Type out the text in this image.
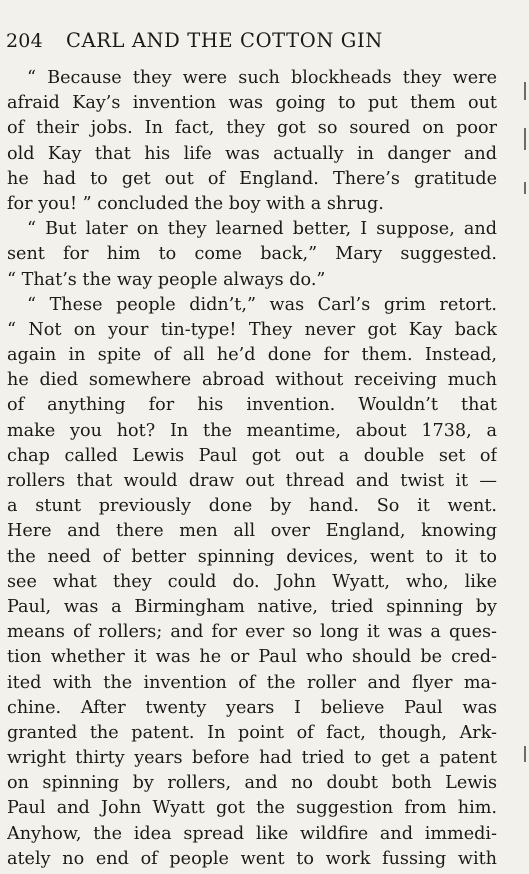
204 CARL AND THE COTTON GIN
“ Because they were such blockheads they were
afraid Kay’s invention was going to put them out
of their jobs. In fact, they got so soured on poor
old Kay that his life was actually in danger and
he had to get out of England. There’s gratitude
for you! ” concluded the boy with a shrug.
“ But later on they learned better, I suppose, and
sent for him to come back,” Mary suggested.
“ That’s the way people always do.”
“ These people didn’t,” was Carl’s grim retort.
“ Not on your tin-type! They never got Kay back
again in spite of all he’d done for them. Instead,
he died somewhere abroad without receiving much
of anything for his invention. Wouldn’t that
make you hot? In the meantime, about 1738, a
chap called Lewis Paul got out a double set of
rollers that would draw out thread and twist it —
a stunt previously done by hand. So it went.
Here and there men all over England, knowing
the need of better spinning devices, went to it to
see what they could do. John Wyatt, who, like
Paul, was a Birmingham native, tried spinning by
means of rollers; and for ever so long it was a ques-
tion whether it was he or Paul who should be cred-
ited with the invention of the roller and flyer ma-
chine. After twenty years I believe Paul was
granted the patent. In point of fact, though, Ark-
wright thirty years before had tried to get a patent
on spinning by rollers, and no doubt both Lewis
Paul and John Wyatt got the suggestion from him.
Anyhow, the idea spread like wildfire and immedi-
ately no end of people went to work fussing with
